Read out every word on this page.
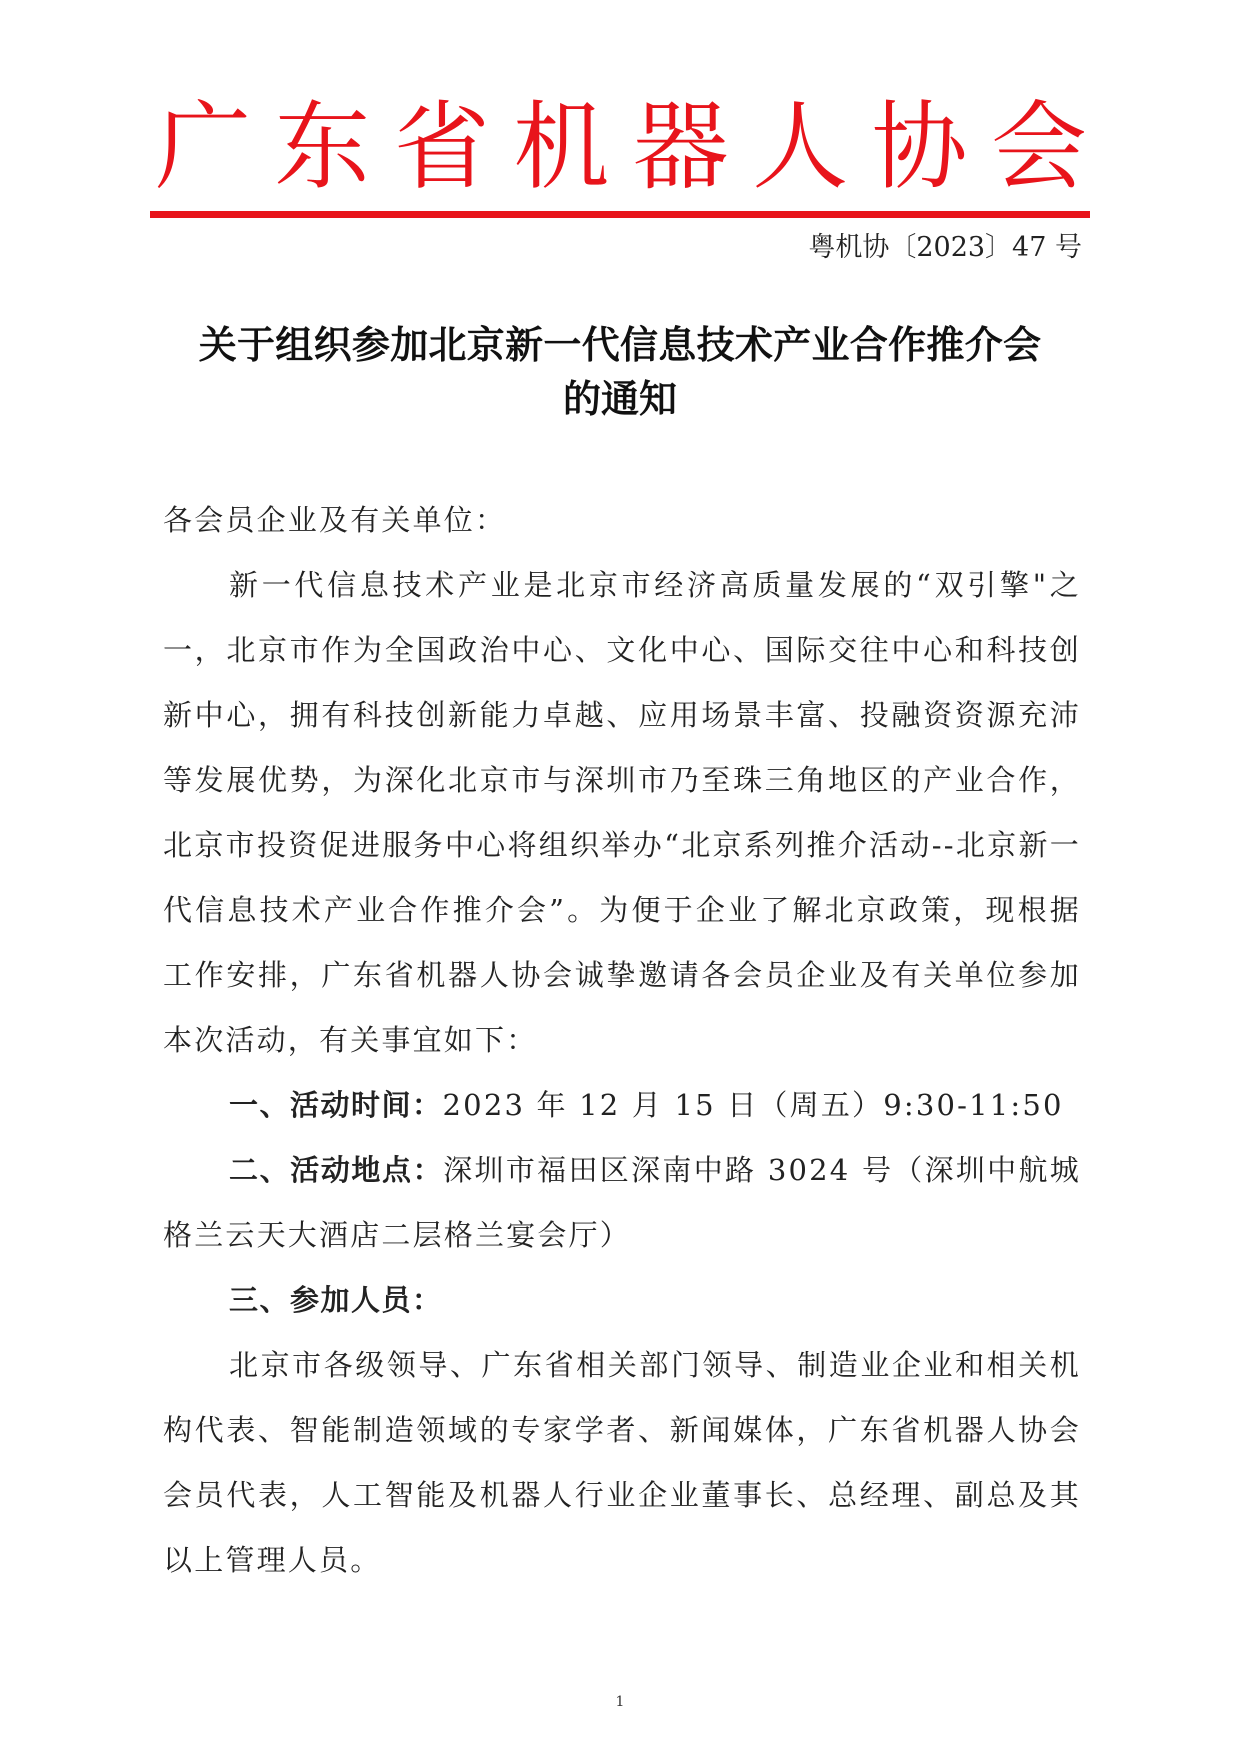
广 东 省 机 器 人 协 会
粤机协〔2023〕47 号
关于组织参加北京新一代信息技术产业合作推介会
的通知

各会员企业及有关单位：

新一代信息技术产业是北京市经济高质量发展的“双引擎"之一，北京市作为全国政治中心、文化中心、国际交往中心和科技创新中心，拥有科技创新能力卓越、应用场景丰富、投融资资源充沛等发展优势，为深化北京市与深圳市乃至珠三角地区的产业合作，北京市投资促进服务中心将组织举办“北京系列推介活动--北京新一代信息技术产业合作推介会”。为便于企业了解北京政策，现根据工作安排，广东省机器人协会诚挚邀请各会员企业及有关单位参加本次活动，有关事宜如下：

一、活动时间：2023 年 12 月 15 日（周五）9:30-11:50

二、活动地点：深圳市福田区深南中路 3024 号（深圳中航城格兰云天大酒店二层格兰宴会厅）

三、参加人员：

北京市各级领导、广东省相关部门领导、制造业企业和相关机构代表、智能制造领域的专家学者、新闻媒体，广东省机器人协会会员代表，人工智能及机器人行业企业董事长、总经理、副总及其以上管理人员。

1
